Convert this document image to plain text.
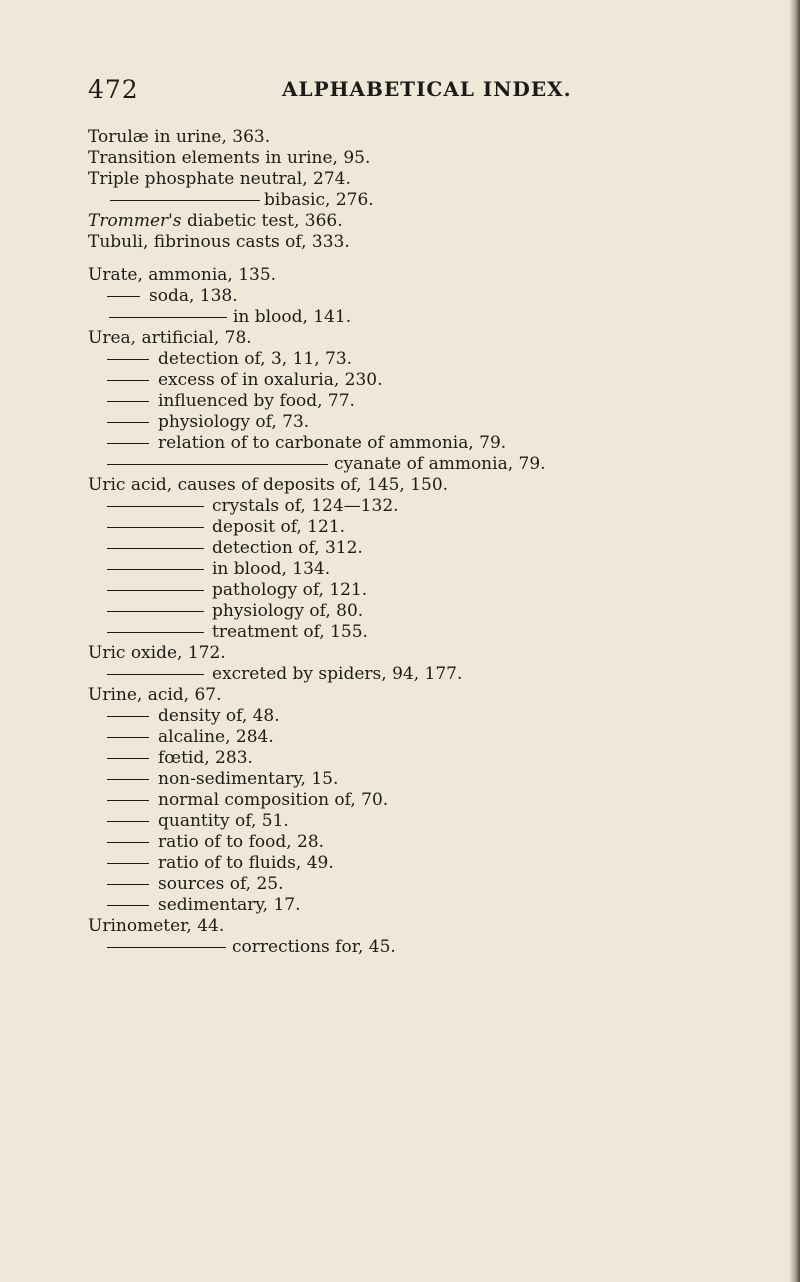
472	ALPHABETICAL INDEX.
Torulæ in urine, 363.
Transition elements in urine, 95.
Triple phosphate neutral, 274.
bibasic, 276.
Trommer's diabetic test, 366.
Tubuli, fibrinous casts of, 333.
Urate, ammonia, 135.
soda, 138.
in blood, 141.
Urea, artificial, 78.
detection of, 3, 11, 73.
excess of in oxaluria, 230.
influenced by food, 77.
physiology of, 73.
relation of to carbonate of ammonia, 79.
cyanate of ammonia, 79.
Uric acid, causes of deposits of, 145, 150.
crystals of, 124—132.
deposit of, 121.
detection of, 312.
in blood, 134.
pathology of, 121.
physiology of, 80.
treatment of, 155.
Uric oxide, 172.
excreted by spiders, 94, 177.
Urine, acid, 67.
density of, 48.
alcaline, 284.
fœtid, 283.
non-sedimentary, 15.
normal composition of, 70.
quantity of, 51.
ratio of to food, 28.
ratio of to fluids, 49.
sources of, 25.
sedimentary, 17.
Urinometer, 44.
corrections for, 45.
